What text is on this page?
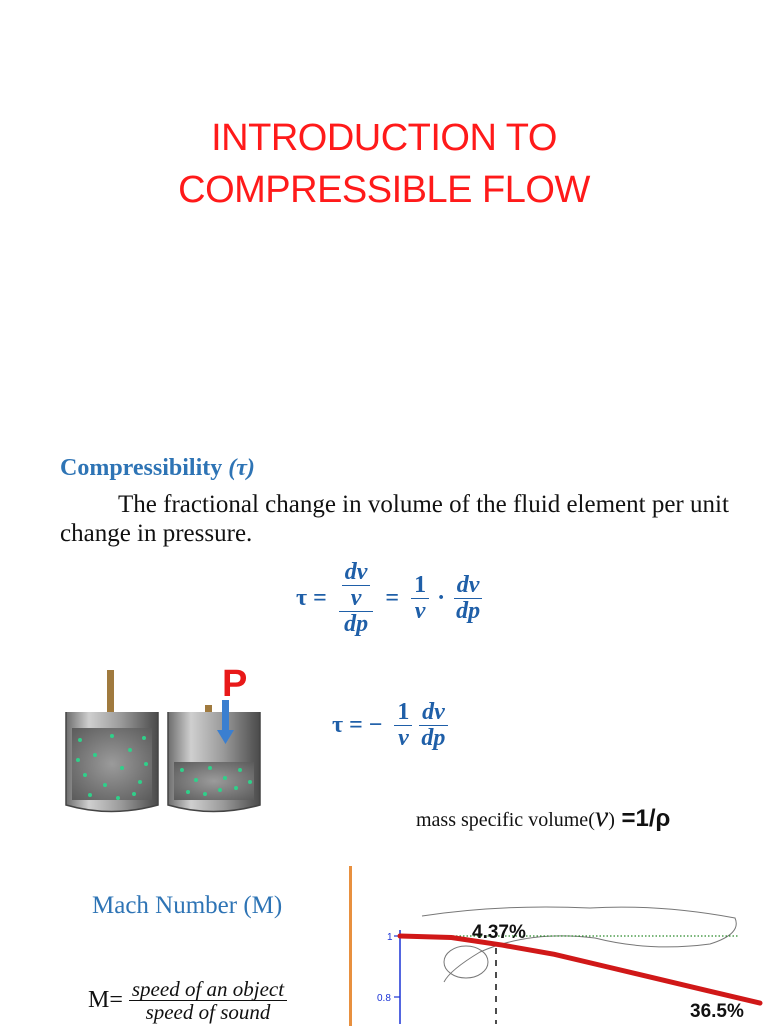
INTRODUCTION TO
COMPRESSIBLE FLOW
Compressibility (τ)
The fractional change in volume of the fluid element per unit change in pressure.
$\tau = \frac{\frac{dv}{v}}{dp} = \frac{1}{v} \cdot \frac{dv}{dp}$
P
τ = − $\frac{1}{v}$
$\frac{dv}{dp}$
mass specific volume(v) =1/ρ
Mach Number (M)
$M= \frac{\text{speed of an object}}{\text{speed of sound}}$
1
0.8
4.37%
36.5%
